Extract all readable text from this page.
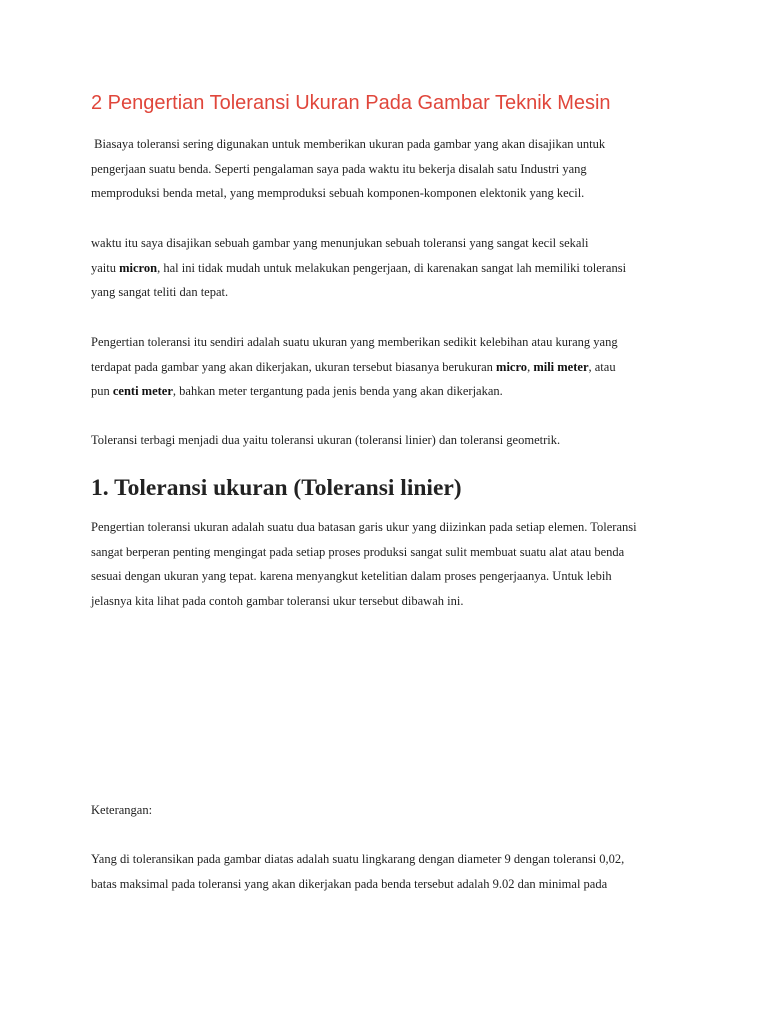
2 Pengertian Toleransi Ukuran Pada Gambar Teknik Mesin

Biasaya toleransi sering digunakan untuk memberikan ukuran pada gambar yang akan disajikan untuk
pengerjaan suatu benda. Seperti pengalaman saya pada waktu itu bekerja disalah satu Industri yang
memproduksi benda metal, yang memproduksi sebuah komponen-komponen elektonik yang kecil.

waktu itu saya disajikan sebuah gambar yang menunjukan sebuah toleransi yang sangat kecil sekali
yaitu micron, hal ini tidak mudah untuk melakukan pengerjaan, di karenakan sangat lah memiliki toleransi
yang sangat teliti dan tepat.

Pengertian toleransi itu sendiri adalah suatu ukuran yang memberikan sedikit kelebihan atau kurang yang
terdapat pada gambar yang akan dikerjakan, ukuran tersebut biasanya berukuran micro, mili meter, atau
pun centi meter, bahkan meter tergantung pada jenis benda yang akan dikerjakan.

Toleransi terbagi menjadi dua yaitu toleransi ukuran (toleransi linier) dan toleransi geometrik.

1. Toleransi ukuran (Toleransi linier)

Pengertian toleransi ukuran adalah suatu dua batasan garis ukur yang diizinkan pada setiap elemen. Toleransi
sangat berperan penting mengingat pada setiap proses produksi sangat sulit membuat suatu alat atau benda
sesuai dengan ukuran yang tepat. karena menyangkut ketelitian dalam proses pengerjaanya. Untuk lebih
jelasnya kita lihat pada contoh gambar toleransi ukur tersebut dibawah ini.

Keterangan:

Yang di toleransikan pada gambar diatas adalah suatu lingkarang dengan diameter 9 dengan toleransi 0,02,
batas maksimal pada toleransi yang akan dikerjakan pada benda tersebut adalah 9.02 dan minimal pada
